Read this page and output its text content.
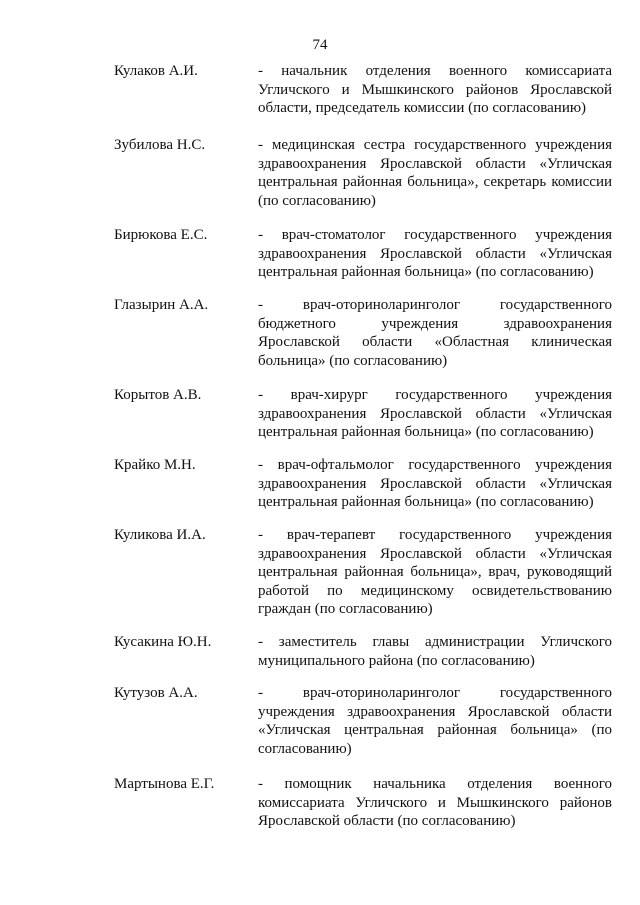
74
Кулаков А.И.	- начальник отделения военного комиссариата Угличского и Мышкинского районов Ярославской области, председатель комиссии (по согласованию)
Зубилова Н.С.	- медицинская сестра государственного учреждения здравоохранения Ярославской области «Угличская центральная районная больница», секретарь комиссии (по согласованию)
Бирюкова Е.С.	- врач-стоматолог государственного учреждения здравоохранения Ярославской области «Угличская центральная районная больница» (по согласованию)
Глазырин А.А.	- врач-оториноларинголог государственного бюджетного учреждения здравоохранения Ярославской области «Областная клиническая больница» (по согласованию)
Корытов А.В.	- врач-хирург государственного учреждения здравоохранения Ярославской области «Угличская центральная районная больница» (по согласованию)
Крайко М.Н.	- врач-офтальмолог государственного учреждения здравоохранения Ярославской области «Угличская центральная районная больница» (по согласованию)
Куликова И.А.	- врач-терапевт государственного учреждения здравоохранения Ярославской области «Угличская центральная районная больница», врач, руководящий работой по медицинскому освидетельствованию граждан (по согласованию)
Кусакина Ю.Н.	- заместитель главы администрации Угличского муниципального района (по согласованию)
Кутузов А.А.	- врач-оториноларинголог государственного учреждения здравоохранения Ярославской области «Угличская центральная районная больница» (по согласованию)
Мартынова Е.Г.	- помощник начальника отделения военного комиссариата Угличского и Мышкинского районов Ярославской области (по согласованию)
